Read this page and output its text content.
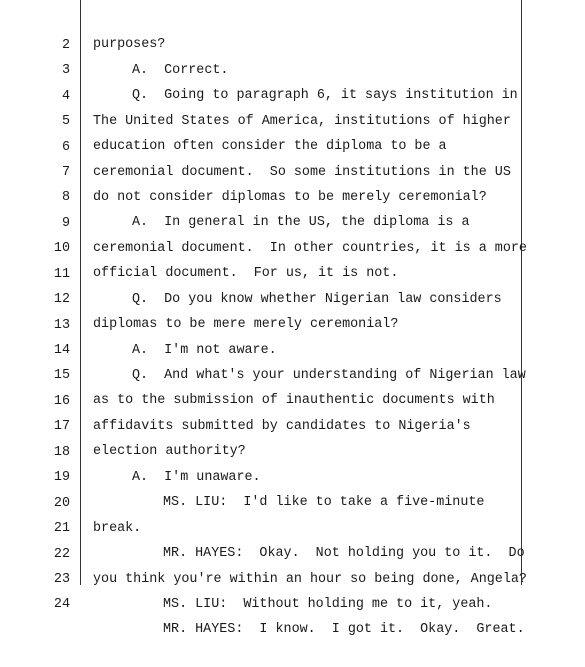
purposes?

2

A.  Correct.

3

Q.  Going to paragraph 6, it says institution in

4

The United States of America, institutions of higher

5

education often consider the diploma to be a

6

ceremonial document.  So some institutions in the US

7

do not consider diplomas to be merely ceremonial?

8

A.  In general in the US, the diploma is a

9

ceremonial document.  In other countries, it is a more

10

official document.  For us, it is not.

11

Q.  Do you know whether Nigerian law considers

12

diplomas to be mere merely ceremonial?

13

A.  I'm not aware.

14

Q.  And what's your understanding of Nigerian law

15

as to the submission of inauthentic documents with

16

affidavits submitted by candidates to Nigeria's

17

election authority?

18

A.  I'm unaware.

19

MS. LIU:  I'd like to take a five-minute

20

break.

21

MR. HAYES:  Okay.  Not holding you to it.  Do

22

you think you're within an hour so being done, Angela?

23

MS. LIU:  Without holding me to it, yeah.

24

MR. HAYES:  I know.  I got it.  Okay.  Great.
